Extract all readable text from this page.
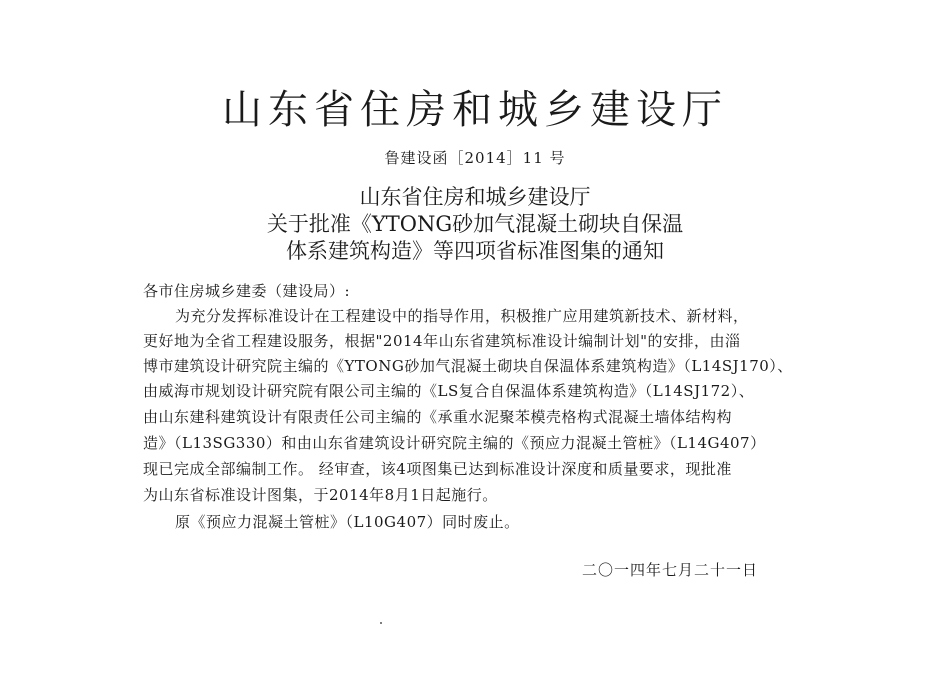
山东省住房和城乡建设厅
鲁建设函［2014］11 号
山东省住房和城乡建设厅
关于批准《YTONG砂加气混凝土砌块自保温
体系建筑构造》等四项省标准图集的通知
各市住房城乡建委（建设局）:
为充分发挥标准设计在工程建设中的指导作用，积极推广应用建筑新技术、新材料，
更好地为全省工程建设服务，根据"2014年山东省建筑标准设计编制计划"的安排，由淄
博市建筑设计研究院主编的《YTONG砂加气混凝土砌块自保温体系建筑构造》（L14SJ170）、
由威海市规划设计研究院有限公司主编的《LS复合自保温体系建筑构造》（L14SJ172）、
由山东建科建筑设计有限责任公司主编的《承重水泥聚苯模壳格构式混凝土墙体结构构
造》（L13SG330）和由山东省建筑设计研究院主编的《预应力混凝土管桩》（L14G407）
现已完成全部编制工作。 经审查，该4项图集已达到标准设计深度和质量要求，现批准
为山东省标准设计图集，于2014年8月1日起施行。
原《预应力混凝土管桩》（L10G407）同时废止。
二〇一四年七月二十一日
